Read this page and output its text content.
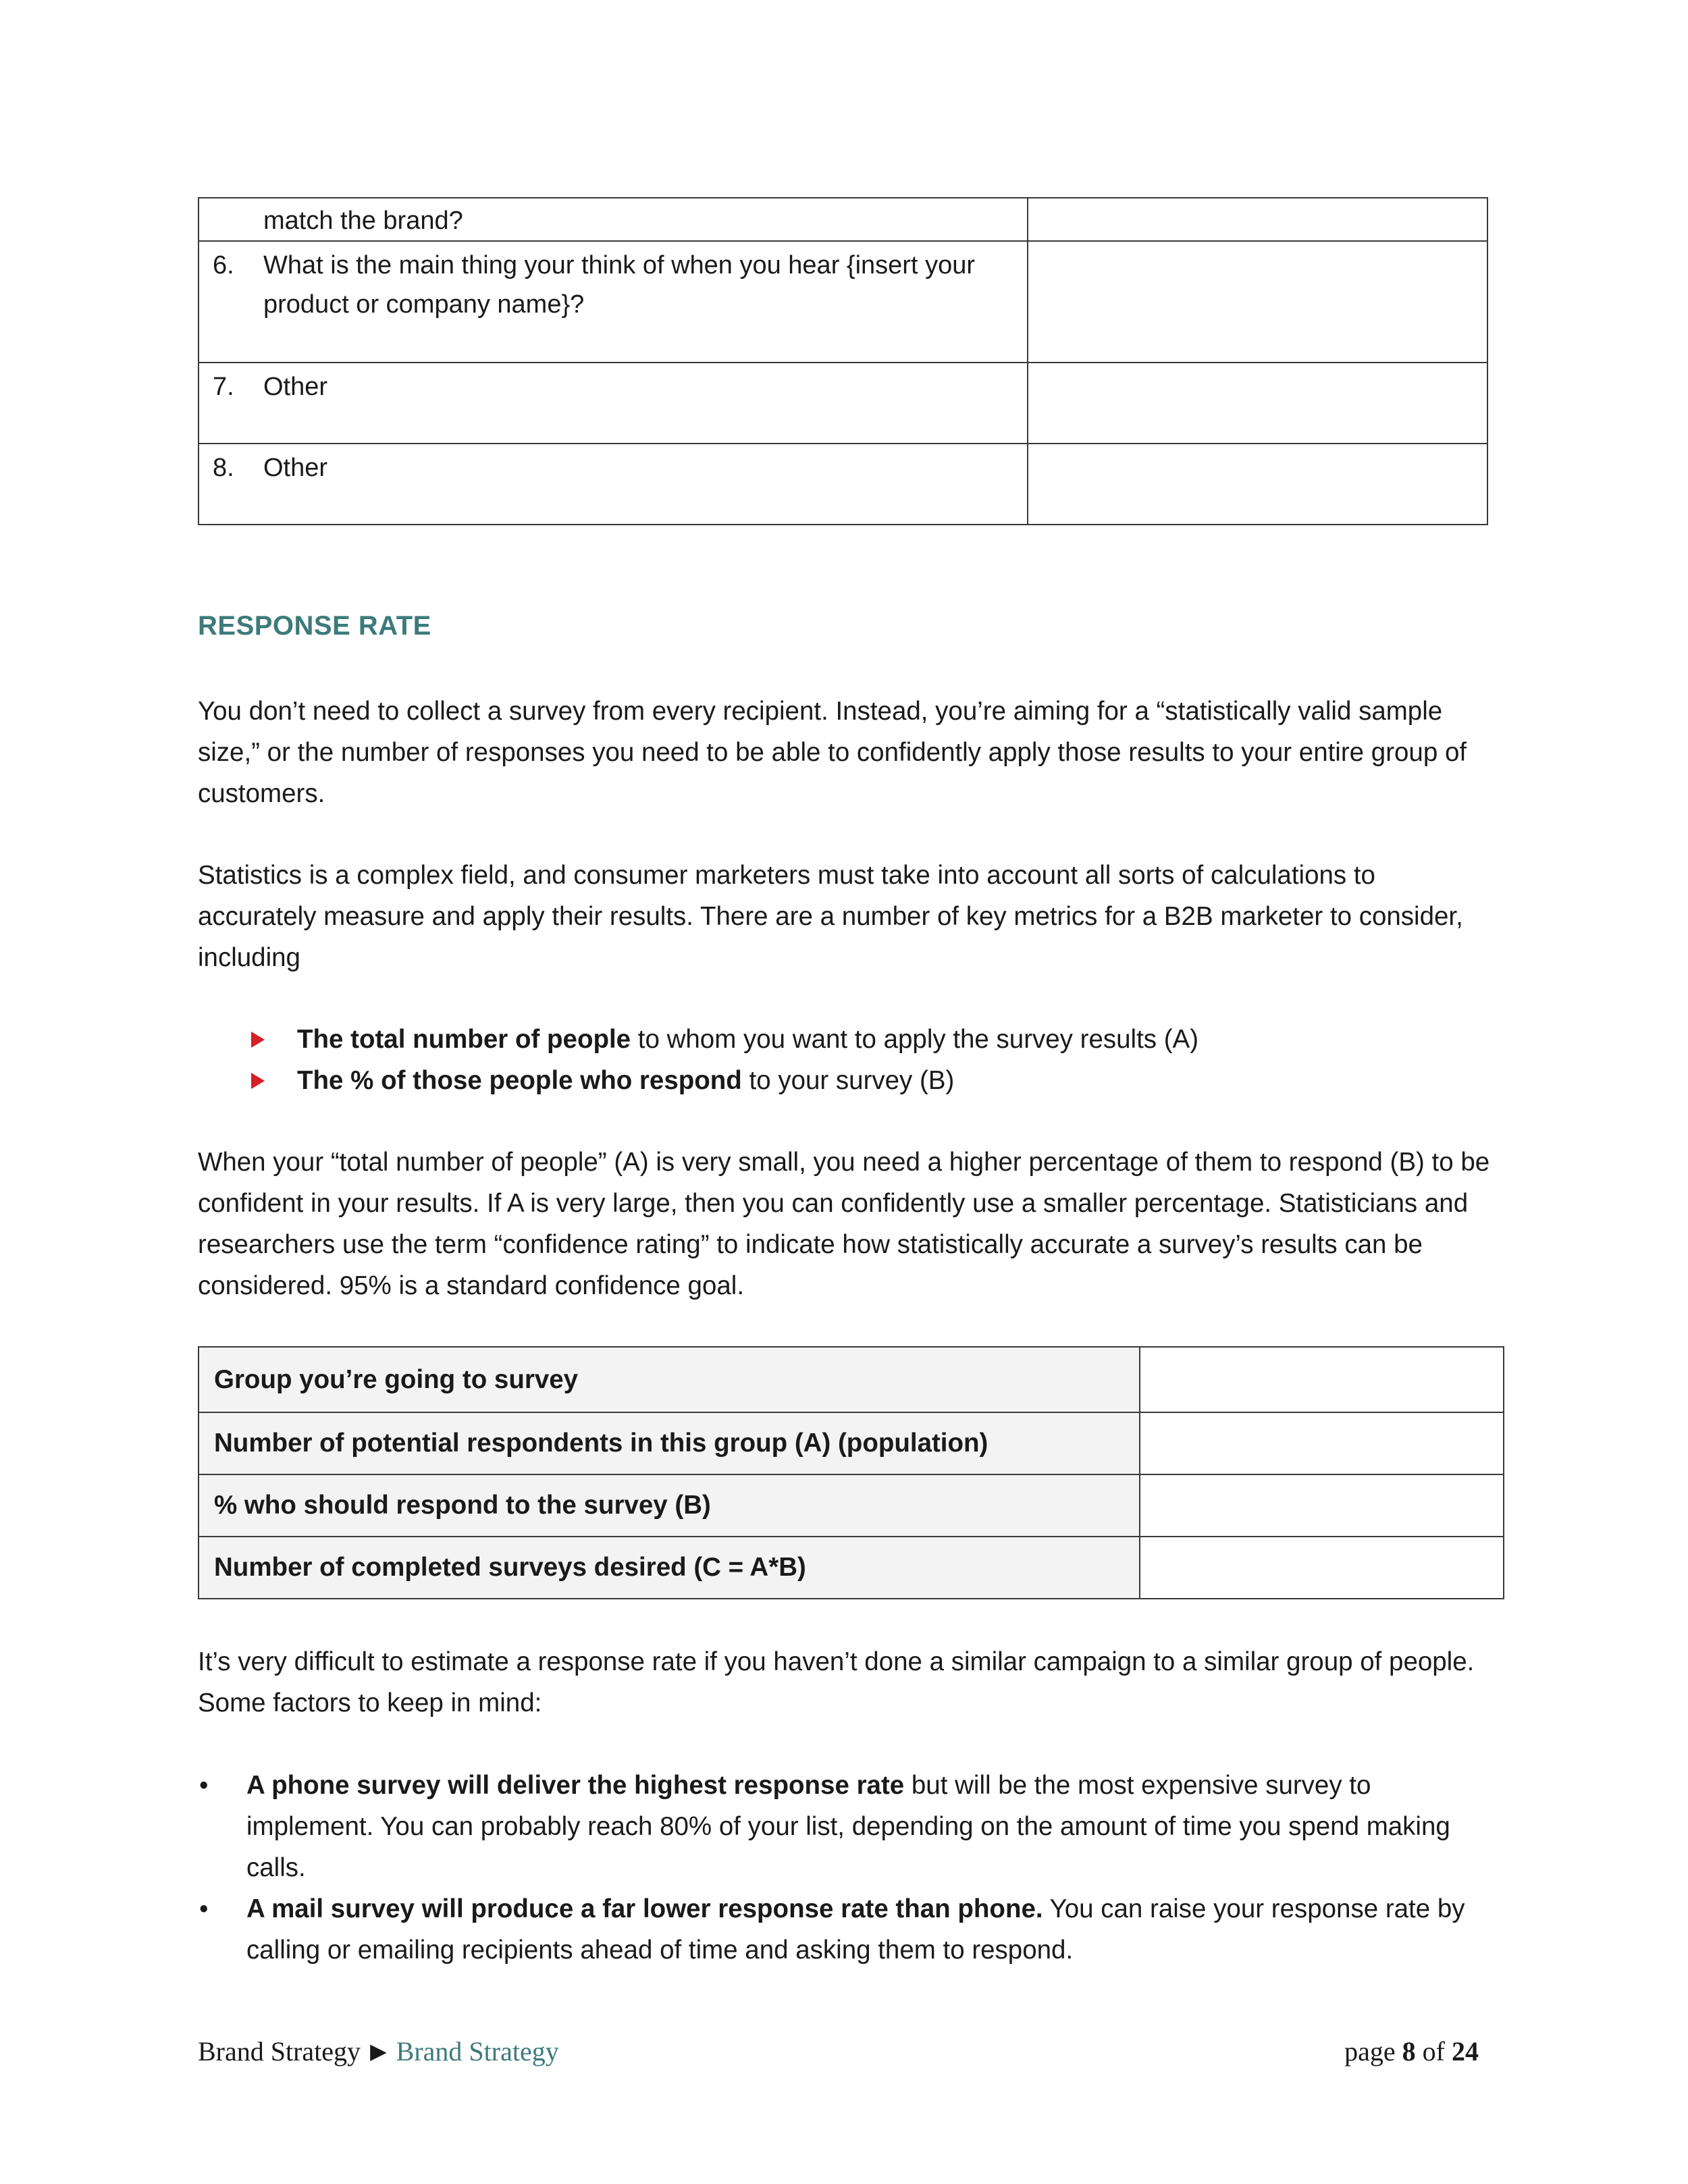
match the brand?	

6. What is the main thing your think of when you hear {insert your product or company name}?	

7. Other	

8. Other	

RESPONSE RATE

You don’t need to collect a survey from every recipient. Instead, you’re aiming for a “statistically valid sample size,” or the number of responses you need to be able to confidently apply those results to your entire group of customers.

Statistics is a complex field, and consumer marketers must take into account all sorts of calculations to accurately measure and apply their results. There are a number of key metrics for a B2B marketer to consider, including

The total number of people to whom you want to apply the survey results (A)
The % of those people who respond to your survey (B)

When your “total number of people” (A) is very small, you need a higher percentage of them to respond (B) to be confident in your results. If A is very large, then you can confidently use a smaller percentage. Statisticians and researchers use the term “confidence rating” to indicate how statistically accurate a survey’s results can be considered. 95% is a standard confidence goal.

Group you’re going to survey	
Number of potential respondents in this group (A) (population)	
% who should respond to the survey (B)	
Number of completed surveys desired (C = A*B)	

It’s very difficult to estimate a response rate if you haven’t done a similar campaign to a similar group of people. Some factors to keep in mind:

• A phone survey will deliver the highest response rate but will be the most expensive survey to implement. You can probably reach 80% of your list, depending on the amount of time you spend making calls.
• A mail survey will produce a far lower response rate than phone. You can raise your response rate by calling or emailing recipients ahead of time and asking them to respond.
Brand Strategy ▶ Brand Strategy	page 8 of 24
